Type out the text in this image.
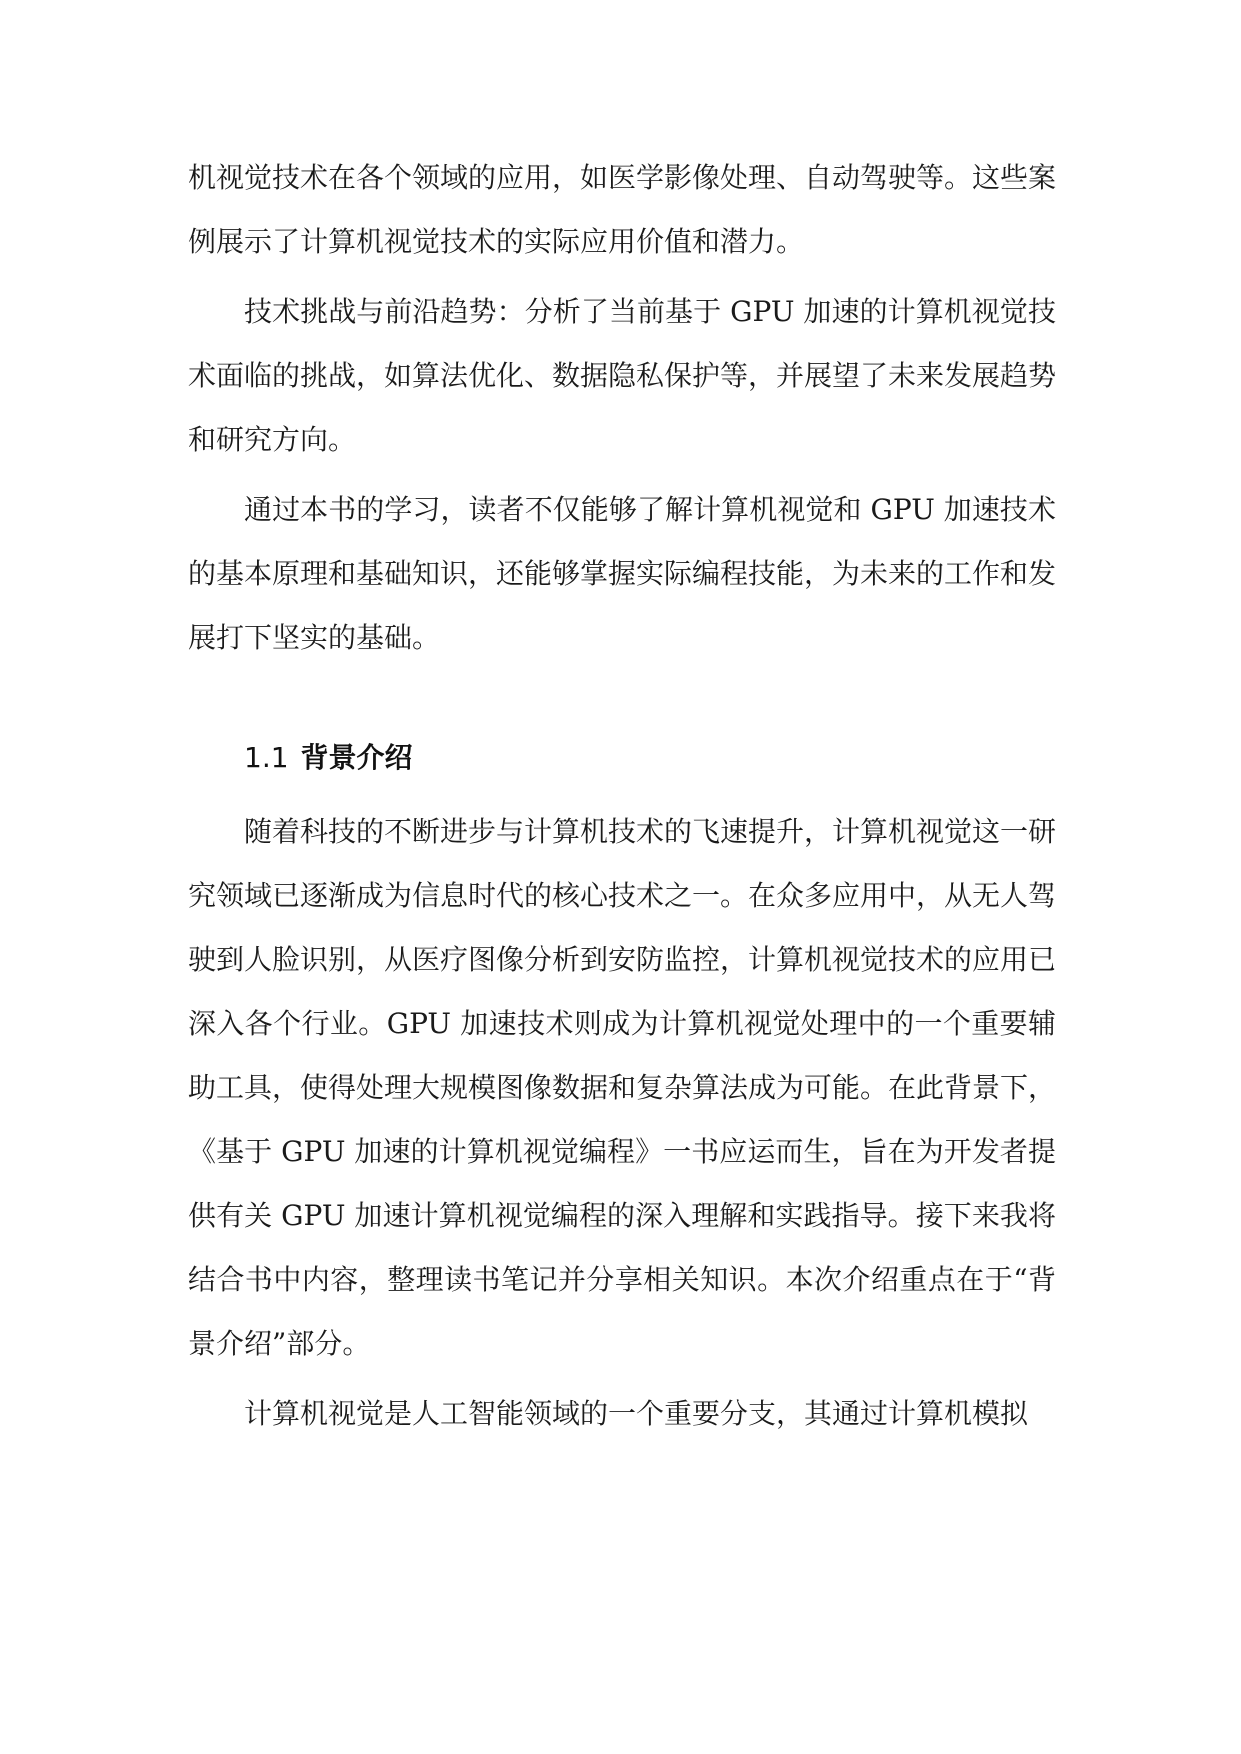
机视觉技术在各个领域的应用，如医学影像处理、自动驾驶等。这些案例展示了计算机视觉技术的实际应用价值和潜力。

技术挑战与前沿趋势：分析了当前基于 GPU 加速的计算机视觉技术面临的挑战，如算法优化、数据隐私保护等，并展望了未来发展趋势和研究方向。

通过本书的学习，读者不仅能够了解计算机视觉和 GPU 加速技术的基本原理和基础知识，还能够掌握实际编程技能，为未来的工作和发展打下坚实的基础。

1.1 背景介绍

随着科技的不断进步与计算机技术的飞速提升，计算机视觉这一研究领域已逐渐成为信息时代的核心技术之一。在众多应用中，从无人驾驶到人脸识别，从医疗图像分析到安防监控，计算机视觉技术的应用已深入各个行业。GPU 加速技术则成为计算机视觉处理中的一个重要辅助工具，使得处理大规模图像数据和复杂算法成为可能。在此背景下，《基于 GPU 加速的计算机视觉编程》一书应运而生，旨在为开发者提供有关 GPU 加速计算机视觉编程的深入理解和实践指导。接下来我将结合书中内容，整理读书笔记并分享相关知识。本次介绍重点在于“背景介绍”部分。

计算机视觉是人工智能领域的一个重要分支，其通过计算机模拟
